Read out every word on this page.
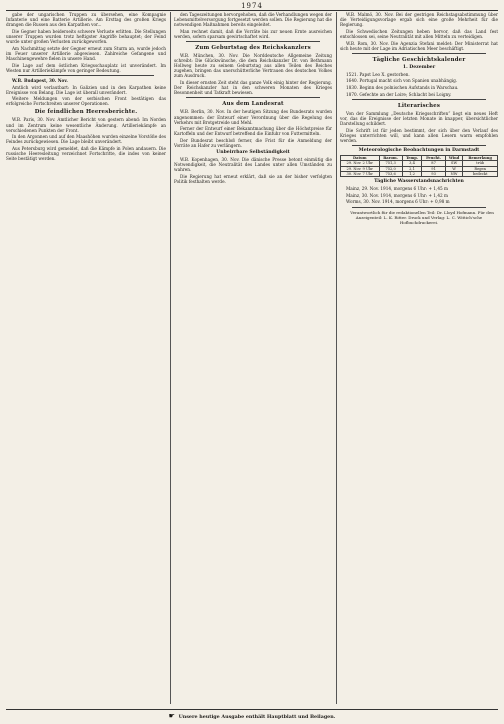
1974

gabe der ungarischen Truppen zu übersehen, eine Kompagnie Infanterie und eine Batterie Artillerie. Am Ersttag des großen Kriegs drangen die Russen aus den Karpathen vor...

Die Gegner haben beiderseits schwere Verluste erlitten. Die Stellungen unserer Truppen wurden trotz heftigster Angriffe behauptet; der Feind wurde unter großen Verlusten zurückgeworfen.

Am Nachmittag setzte der Gegner erneut zum Sturm an, wurde jedoch im Feuer unserer Artillerie abgewiesen. Zahlreiche Gefangene und Maschinengewehre fielen in unsere Hand.

Die Lage auf dem östlichen Kriegsschauplatz ist unverändert. Im Westen nur Artilleriekämpfe von geringer Bedeutung.

W.B. Budapest, 30. Nov.

Amtlich wird verlautbart: In Galizien und in den Karpathen keine Ereignisse von Belang. Die Lage ist überall unverändert.

Weitere Meldungen von der serbischen Front bestätigen das erfolgreiche Fortschreiten unserer Operationen.

Die feindlichen Heeresberichte.

W.B. Paris, 30. Nov. Amtlicher Bericht von gestern abend: Im Norden und im Zentrum keine wesentliche Änderung. Artilleriekämpfe an verschiedenen Punkten der Front.

In den Argonnen und auf den Maashöhen wurden einzelne Vorstöße des Feindes zurückgewiesen. Die Lage bleibt unverändert.

Aus Petersburg wird gemeldet, daß die Kämpfe in Polen andauern. Die russische Heeresleitung verzeichnet Fortschritte, die indes von keiner Seite bestätigt werden.

den Tageszeitungen hervorgehoben, daß die Verhandlungen wegen der Lebensmittelversorgung fortgesetzt werden sollen. Die Regierung hat die notwendigen Maßnahmen bereits eingeleitet.

Man rechnet damit, daß die Vorräte bis zur neuen Ernte ausreichen werden, sofern sparsam gewirtschaftet wird.

Zum Geburtstag des Reichskanzlers

W.B. München, 30. Nov. Die Norddeutsche Allgemeine Zeitung schreibt: Die Glückwünsche, die dem Reichskanzler Dr. von Bethmann Hollweg heute zu seinem Geburtstag aus allen Teilen des Reiches zugehen, bringen das unerschütterliche Vertrauen des deutschen Volkes zum Ausdruck.

In dieser ernsten Zeit steht das ganze Volk einig hinter der Regierung. Der Reichskanzler hat in den schweren Monaten des Krieges Besonnenheit und Tatkraft bewiesen.

Aus dem Landesrat

W.B. Berlin, 30. Nov. In der heutigen Sitzung des Bundesrats wurden angenommen: der Entwurf einer Verordnung über die Regelung des Verkehrs mit Brotgetreide und Mehl.

Ferner der Entwurf einer Bekanntmachung über die Höchstpreise für Kartoffeln und der Entwurf betreffend die Einfuhr von Futtermitteln.

Der Bundesrat beschloß ferner, die Frist für die Anmeldung der Vorräte an Hafer zu verlängern.

Unbeirrbare Selbständigkeit

W.B. Kopenhagen, 30. Nov. Die dänische Presse betont einmütig die Notwendigkeit, die Neutralität des Landes unter allen Umständen zu wahren.

Die Regierung hat erneut erklärt, daß sie an der bisher verfolgten Politik festhalten werde.

W.B. Malmö, 30. Nov. Bei der gestrigen Reichstagsabstimmung über die Verteidigungsvorlage ergab sich eine große Mehrheit für die Regierung.

Die Schwedischen Zeitungen heben hervor, daß das Land fest entschlossen sei, seine Neutralität mit allen Mitteln zu verteidigen.

W.B. Rom, 30. Nov. Die Agenzia Stefani meldet: Der Ministerrat hat sich heute mit der Lage im Adriatischen Meer beschäftigt.

Tägliche Geschichtskalender
1. Dezember

1521. Papst Leo X. gestorben.

1640. Portugal macht sich von Spanien unabhängig.

1830. Beginn des polnischen Aufstands in Warschau.

1870. Gefechte an der Loire; Schlacht bei Loigny.

Literarisches

Von der Sammlung „Deutsche Kriegsschriften“ liegt ein neues Heft vor, das die Ereignisse der letzten Monate in knapper, übersichtlicher Darstellung schildert.

Die Schrift ist für jeden bestimmt, der sich über den Verlauf des Krieges unterrichten will, und kann allen Lesern warm empfohlen werden.

Meteorologische Beobachtungen in Darmstadt
Datum	Barom.	Temp.	Feucht.	Wind	Bemerkung
29. Nov. 2 Uhr	751,3	3,4	87	SW	trüb
29. Nov. 9 Uhr	752,0	2,1	91	W	Regen
30. Nov. 7 Uhr	753,6	1,2	93	NW	bedeckt
Tägliche Wasserstandsnachrichten

Mainz, 29. Nov. 1914, morgens 6 Uhr: + 1,45 m

Mainz, 30. Nov. 1914, morgens 6 Uhr: + 1,42 m

Worms, 30. Nov. 1914, morgens 6 Uhr: + 0,98 m

Verantwortlich für die redaktionellen Teil: Dr. Lloyd Hofmann. Für den Anzeigenteil: L. K. Ritter. Druck und Verlag: L. C. Wittich'sche Hofbuchdruckerei.

☛ Unsere heutige Ausgabe enthält Hauptblatt und Beilagen.
